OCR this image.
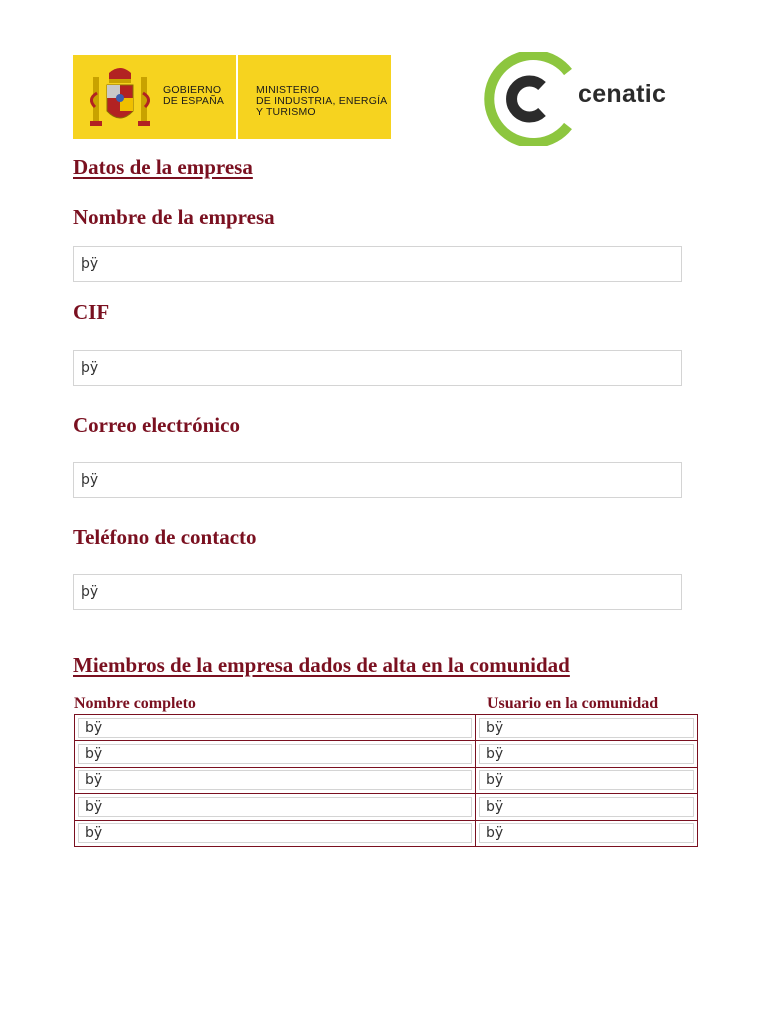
GOBIERNO
DE ESPAÑA
MINISTERIO
DE INDUSTRIA, ENERGÍA
Y TURISMO
cenatic
Datos de la empresa
Nombre de la empresa
þÿ
CIF
þÿ
Correo electrónico
þÿ
Teléfono de contacto
þÿ
Miembros de la empresa dados de alta en la comunidad
Nombre completo	Usuario en la comunidad
bÿ	bÿ

bÿ	bÿ

bÿ	bÿ

bÿ	bÿ

bÿ	bÿ
